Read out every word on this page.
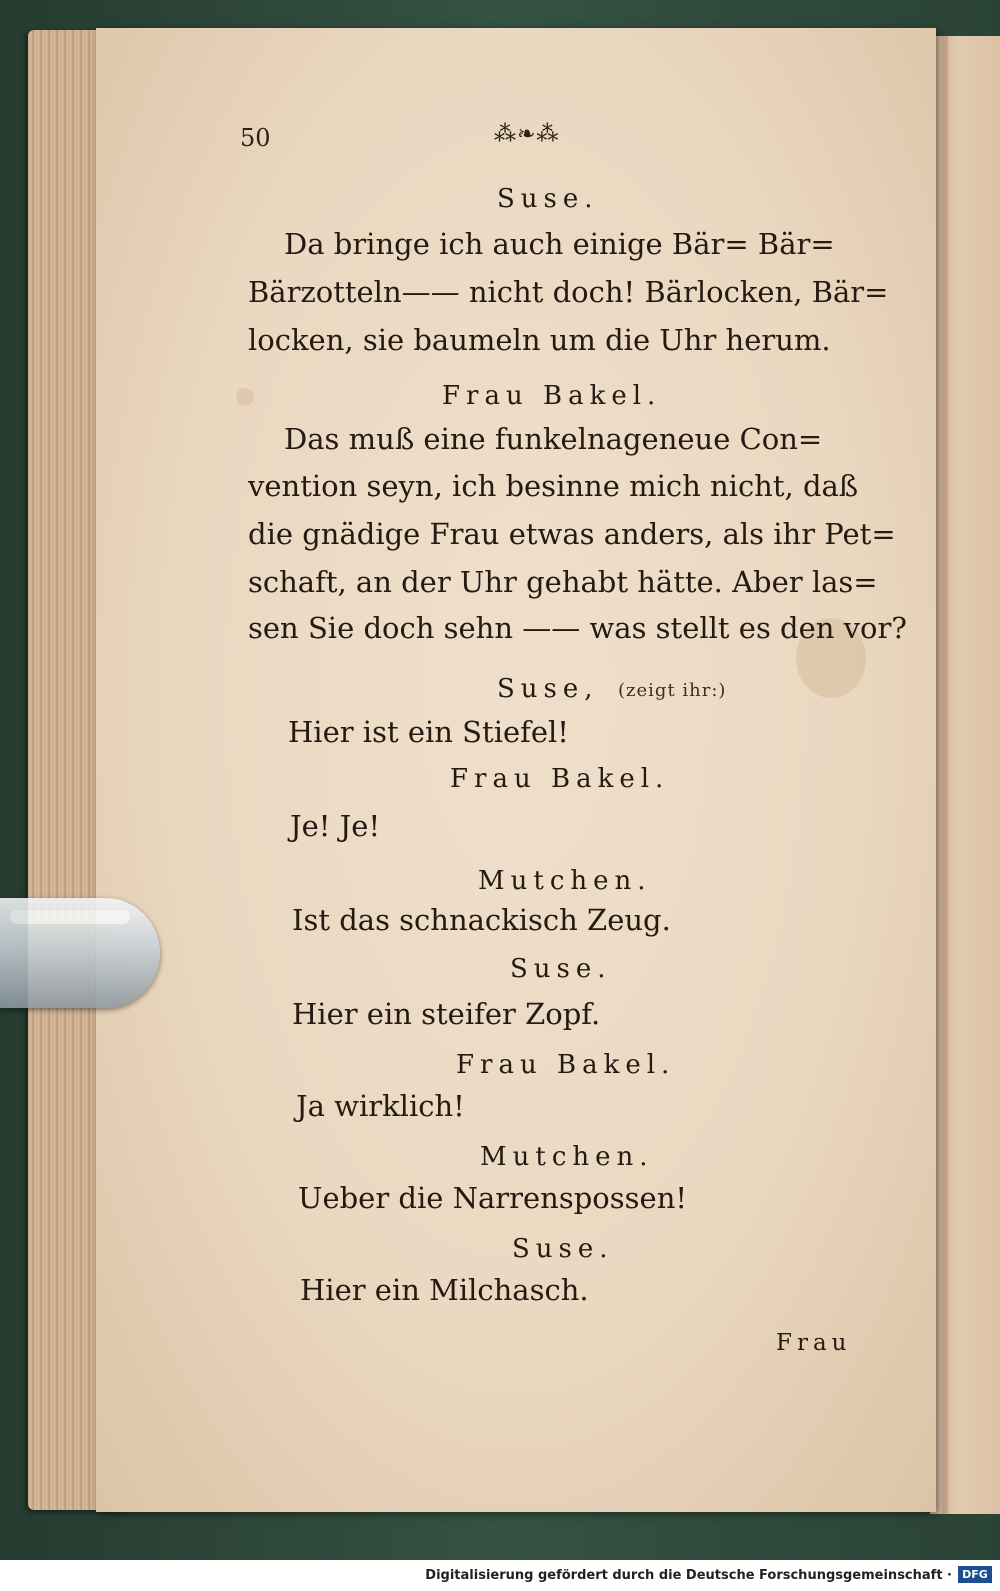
50	⁂❧⁂
Suse.
Da bringe ich auch einige Bär= Bär=
Bärzotteln—— nicht doch! Bärlocken, Bär=
locken, sie baumeln um die Uhr herum.
Frau Bakel.
Das muß eine funkelnageneue Con=
vention seyn, ich besinne mich nicht, daß
die gnädige Frau etwas anders, als ihr Pet=
schaft, an der Uhr gehabt hätte. Aber las=
sen Sie doch sehn —— was stellt es den vor?
Suse, (zeigt ihr:)
Hier ist ein Stiefel!
Frau Bakel.
Je! Je!
Mutchen.
Ist das schnackisch Zeug.
Suse.
Hier ein steifer Zopf.
Frau Bakel.
Ja wirklich!
Mutchen.
Ueber die Narrenspossen!
Suse.
Hier ein Milchasch.
Frau
Digitalisierung gefördert durch die Deutsche Forschungsgemeinschaft · DFG
